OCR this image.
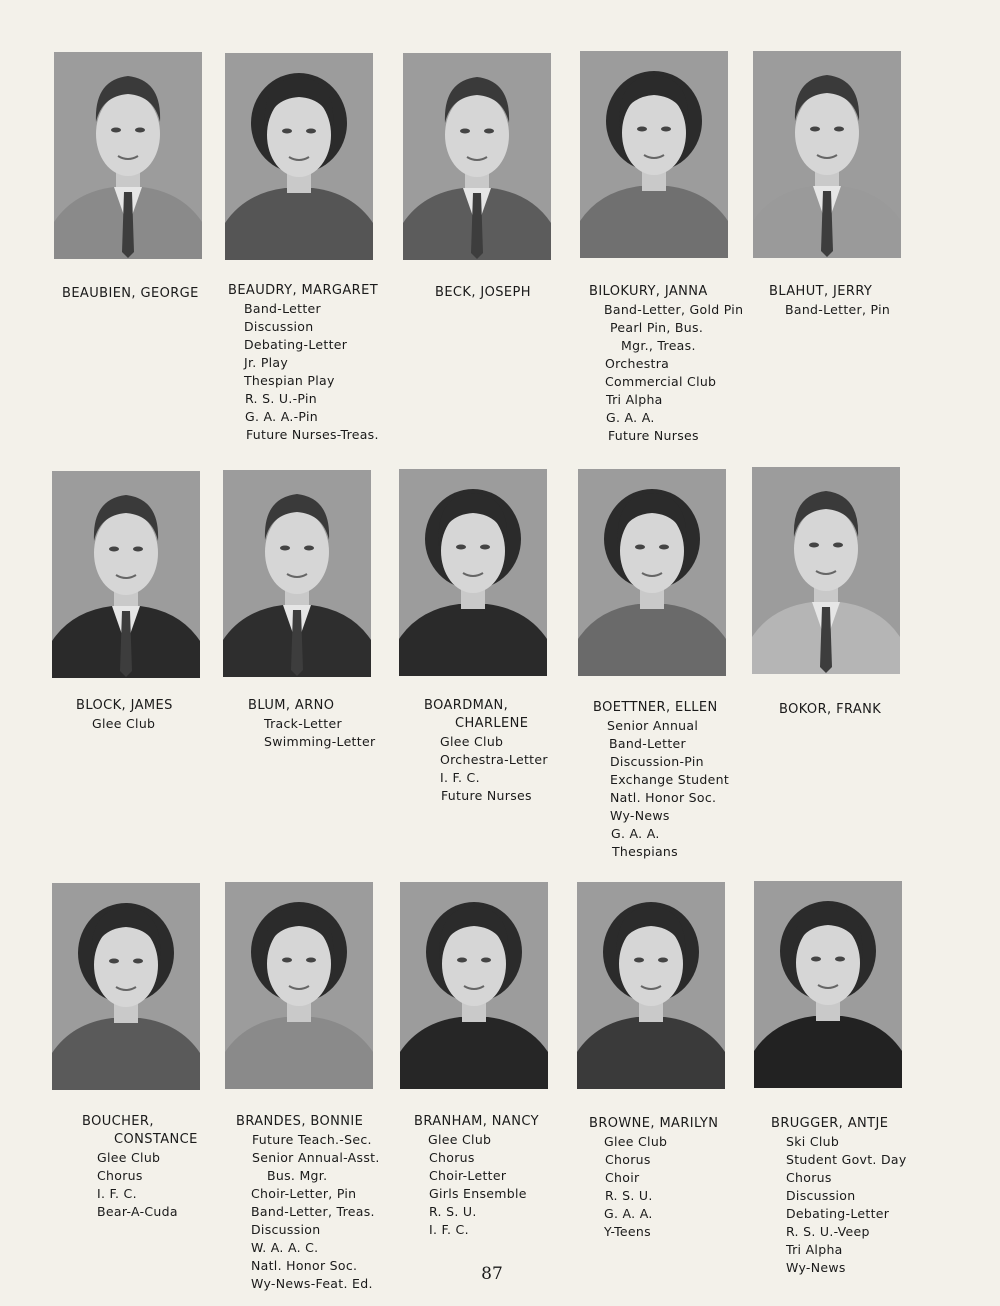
BEAUBIEN, GEORGE	BEAUDRY, MARGARET
Band-Letter
Discussion
Debating-Letter
Jr. Play
Thespian Play
R. S. U.-Pin
G. A. A.-Pin
Future Nurses-Treas.
BECK, JOSEPH	BILOKURY, JANNA
Band-Letter, Gold Pin
Pearl Pin, Bus.
Mgr., Treas.
Orchestra
Commercial Club
Tri Alpha
G. A. A.
Future Nurses
BLAHUT, JERRY
Band-Letter, Pin
BLOCK, JAMES
Glee Club
BLUM, ARNO
Track-Letter
Swimming-Letter
BOARDMAN,
CHARLENE
Glee Club
Orchestra-Letter
I. F. C.
Future Nurses
BOETTNER, ELLEN
Senior Annual
Band-Letter
Discussion-Pin
Exchange Student
Natl. Honor Soc.
Wy-News
G. A. A.
Thespians
BOKOR, FRANK
BOUCHER,
CONSTANCE
Glee Club
Chorus
I. F. C.
Bear-A-Cuda
BRANDES, BONNIE
Future Teach.-Sec.
Senior Annual-Asst.
Bus. Mgr.
Choir-Letter, Pin
Band-Letter, Treas.
Discussion
W. A. A. C.
Natl. Honor Soc.
Wy-News-Feat. Ed.
BRANHAM, NANCY
Glee Club
Chorus
Choir-Letter
Girls Ensemble
R. S. U.
I. F. C.
BROWNE, MARILYN
Glee Club
Chorus
Choir
R. S. U.
G. A. A.
Y-Teens
BRUGGER, ANTJE
Ski Club
Student Govt. Day
Chorus
Discussion
Debating-Letter
R. S. U.-Veep
Tri Alpha
Wy-News
87
